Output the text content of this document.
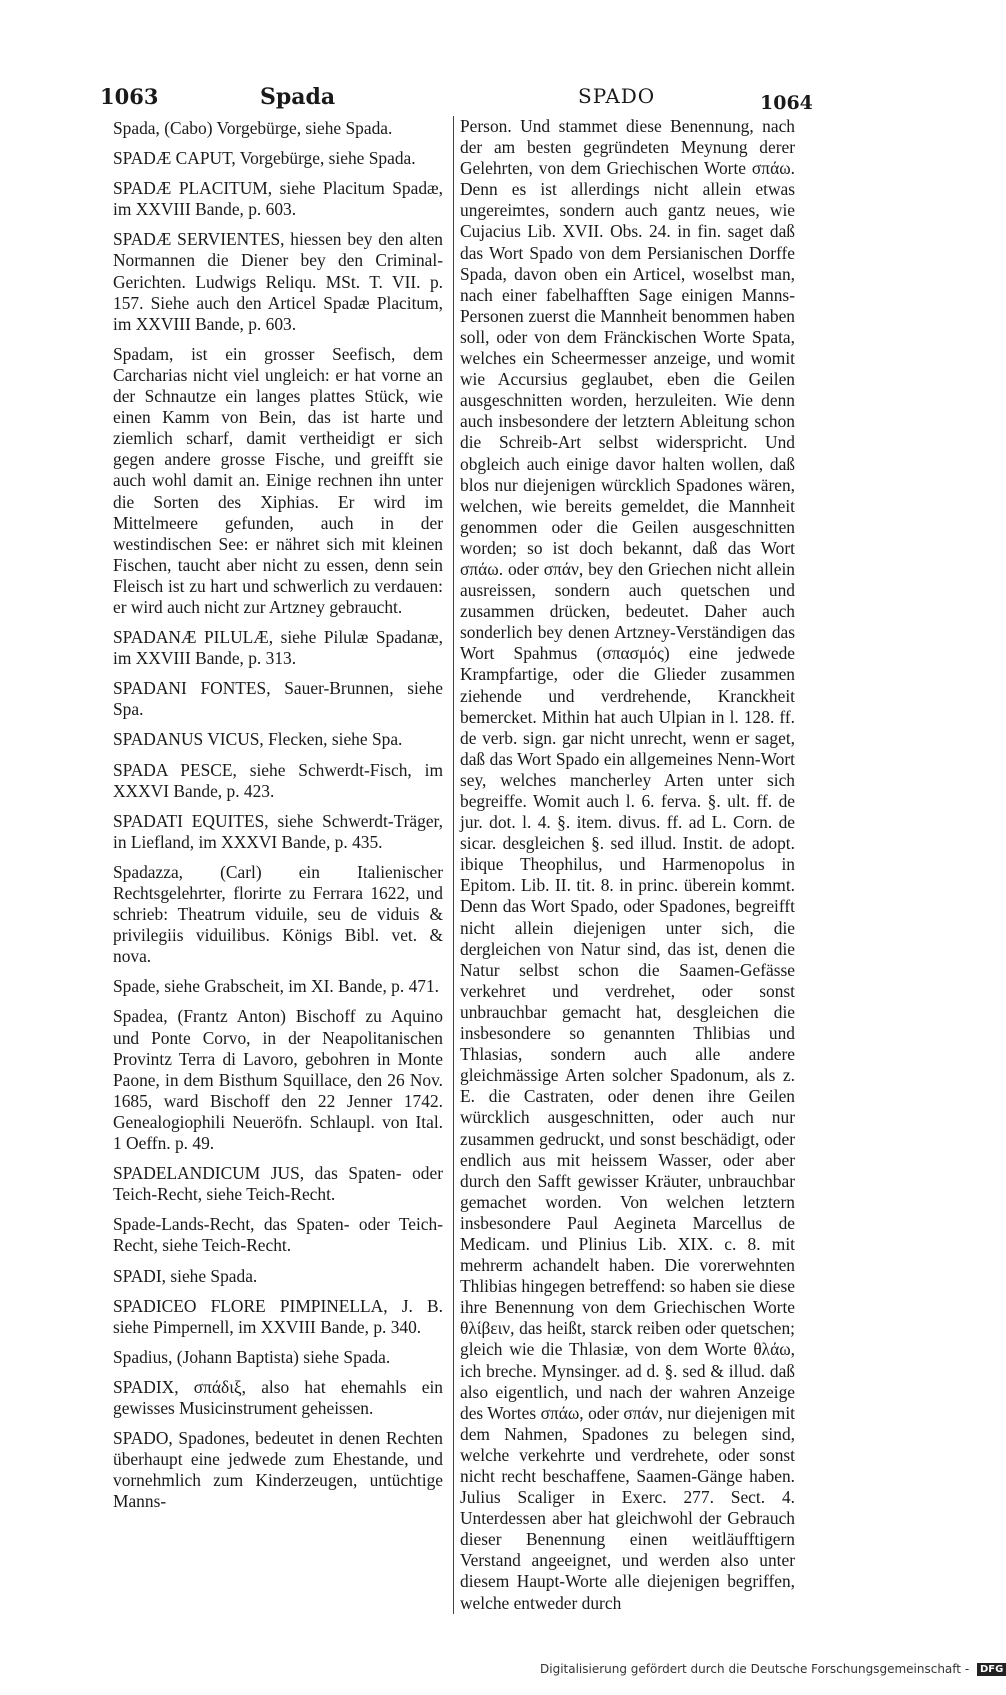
1063	Spada	SPADO	1064

Spada, (Cabo) Vorgebürge, siehe Spada.

SPADÆ CAPUT, Vorgebürge, siehe Spada.

SPADÆ PLACITUM, siehe Placitum Spadæ, im XXVIII Bande, p. 603.

SPADÆ SERVIENTES, hiessen bey den alten Normannen die Diener bey den Criminal-Gerichten. Ludwigs Reliqu. MSt. T. VII. p. 157. Siehe auch den Articel Spadæ Placitum, im XXVIII Bande, p. 603.

Spadam, ist ein grosser Seefisch, dem Carcharias nicht viel ungleich: er hat vorne an der Schnautze ein langes plattes Stück, wie einen Kamm von Bein, das ist harte und ziemlich scharf, damit vertheidigt er sich gegen andere grosse Fische, und greifft sie auch wohl damit an. Einige rechnen ihn unter die Sorten des Xiphias. Er wird im Mittelmeere gefunden, auch in der westindischen See: er nähret sich mit kleinen Fischen, taucht aber nicht zu essen, denn sein Fleisch ist zu hart und schwerlich zu verdauen: er wird auch nicht zur Artzney gebraucht.

SPADANÆ PILULÆ, siehe Pilulæ Spadanæ, im XXVIII Bande, p. 313.

SPADANI FONTES, Sauer-Brunnen, siehe Spa.

SPADANUS VICUS, Flecken, siehe Spa.

SPADA PESCE, siehe Schwerdt-Fisch, im XXXVI Bande, p. 423.

SPADATI EQUITES, siehe Schwerdt-Träger, in Liefland, im XXXVI Bande, p. 435.

Spadazza, (Carl) ein Italienischer Rechtsgelehrter, florirte zu Ferrara 1622, und schrieb: Theatrum viduile, seu de viduis & privilegiis viduilibus. Königs Bibl. vet. & nova.

Spade, siehe Grabscheit, im XI. Bande, p. 471.

Spadea, (Frantz Anton) Bischoff zu Aquino und Ponte Corvo, in der Neapolitanischen Provintz Terra di Lavoro, gebohren in Monte Paone, in dem Bisthum Squillace, den 26 Nov. 1685, ward Bischoff den 22 Jenner 1742. Genealogiophili Neueröfn. Schlaupl. von Ital. 1 Oeffn. p. 49.

SPADELANDICUM JUS, das Spaten- oder Teich-Recht, siehe Teich-Recht.

Spade-Lands-Recht, das Spaten- oder Teich-Recht, siehe Teich-Recht.

SPADI, siehe Spada.

SPADICEO FLORE PIMPINELLA, J. B. siehe Pimpernell, im XXVIII Bande, p. 340.

Spadius, (Johann Baptista) siehe Spada.

SPADIX, σπάδιξ, also hat ehemahls ein gewisses Musicinstrument geheissen.

SPADO, Spadones, bedeutet in denen Rechten überhaupt eine jedwede zum Ehestande, und vornehmlich zum Kinderzeugen, untüchtige Manns-

Person. Und stammet diese Benennung, nach der am besten gegründeten Meynung derer Gelehrten, von dem Griechischen Worte σπάω. Denn es ist allerdings nicht allein etwas ungereimtes, sondern auch gantz neues, wie Cujacius Lib. XVII. Obs. 24. in fin. saget daß das Wort Spado von dem Persianischen Dorffe Spada, davon oben ein Articel, woselbst man, nach einer fabelhafften Sage einigen Manns-Personen zuerst die Mannheit benommen haben soll, oder von dem Fränckischen Worte Spata, welches ein Scheermesser anzeige, und womit wie Accursius geglaubet, eben die Geilen ausgeschnitten worden, herzuleiten. Wie denn auch insbesondere der letztern Ableitung schon die Schreib-Art selbst widerspricht. Und obgleich auch einige davor halten wollen, daß blos nur diejenigen würcklich Spadones wären, welchen, wie bereits gemeldet, die Mannheit genommen oder die Geilen ausgeschnitten worden; so ist doch bekannt, daß das Wort σπάω. oder σπάν, bey den Griechen nicht allein ausreissen, sondern auch quetschen und zusammen drücken, bedeutet. Daher auch sonderlich bey denen Artzney-Verständigen das Wort Spahmus (σπασμός) eine jedwede Krampfartige, oder die Glieder zusammen ziehende und verdrehende, Kranckheit bemercket. Mithin hat auch Ulpian in l. 128. ff. de verb. sign. gar nicht unrecht, wenn er saget, daß das Wort Spado ein allgemeines Nenn-Wort sey, welches mancherley Arten unter sich begreiffe. Womit auch l. 6. ferva. §. ult. ff. de jur. dot. l. 4. §. item. divus. ff. ad L. Corn. de sicar. desgleichen §. sed illud. Instit. de adopt. ibique Theophilus, und Harmenopolus in Epitom. Lib. II. tit. 8. in princ. überein kommt. Denn das Wort Spado, oder Spadones, begreifft nicht allein diejenigen unter sich, die dergleichen von Natur sind, das ist, denen die Natur selbst schon die Saamen-Gefässe verkehret und verdrehet, oder sonst unbrauchbar gemacht hat, desgleichen die insbesondere so genannten Thlibias und Thlasias, sondern auch alle andere gleichmässige Arten solcher Spadonum, als z. E. die Castraten, oder denen ihre Geilen würcklich ausgeschnitten, oder auch nur zusammen gedruckt, und sonst beschädigt, oder endlich aus mit heissem Wasser, oder aber durch den Safft gewisser Kräuter, unbrauchbar gemachet worden. Von welchen letztern insbesondere Paul Aegineta Marcellus de Medicam. und Plinius Lib. XIX. c. 8. mit mehrerm achandelt haben. Die vorerwehnten Thlibias hingegen betreffend: so haben sie diese ihre Benennung von dem Griechischen Worte θλίβειν, das heißt, starck reiben oder quetschen; gleich wie die Thlasiæ, von dem Worte θλάω, ich breche. Mynsinger. ad d. §. sed & illud. daß also eigentlich, und nach der wahren Anzeige des Wortes σπάω, oder σπάν, nur diejenigen mit dem Nahmen, Spadones zu belegen sind, welche verkehrte und verdrehete, oder sonst nicht recht beschaffene, Saamen-Gänge haben. Julius Scaliger in Exerc. 277. Sect. 4. Unterdessen aber hat gleichwohl der Gebrauch dieser Benennung einen weitläufftigern Verstand angeeignet, und werden also unter diesem Haupt-Worte alle diejenigen begriffen, welche entweder durch

Digitalisierung gefördert durch die Deutsche Forschungsgemeinschaft - DFG
